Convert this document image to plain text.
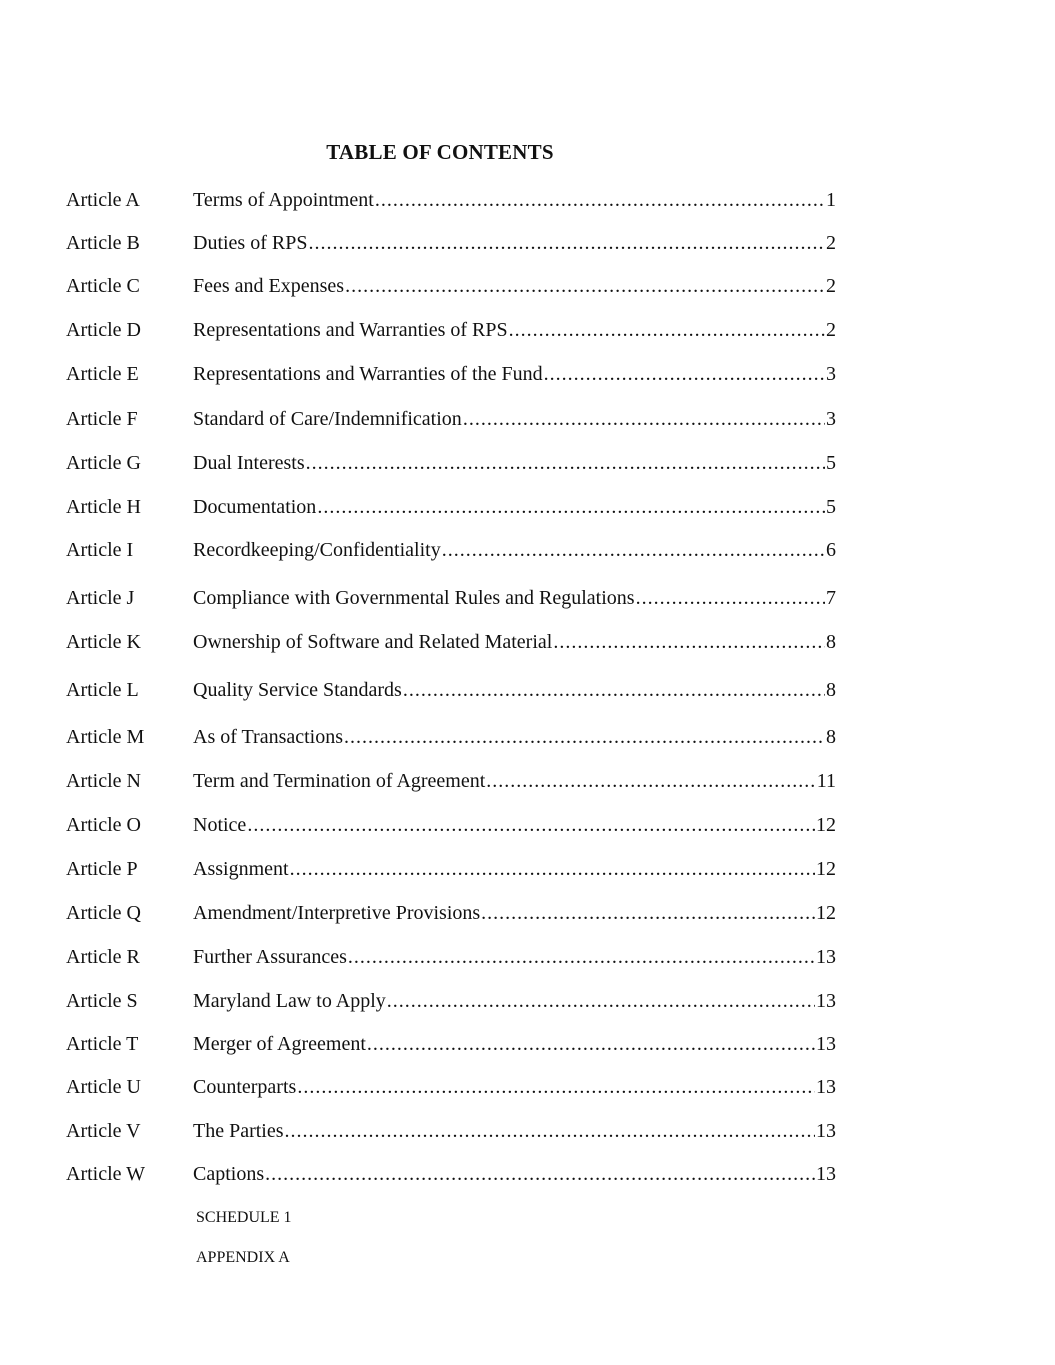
TABLE OF CONTENTS
Article A	Terms of Appointment .....	1
Article B	Duties of RPS .....	2
Article C	Fees and Expenses .....	2
Article D	Representations and Warranties of RPS .....	2
Article E	Representations and Warranties of the Fund .....	3
Article F	Standard of Care/Indemnification .....	3
Article G	Dual Interests .....	5
Article H	Documentation .....	5
Article I	Recordkeeping/Confidentiality .....	6
Article J	Compliance with Governmental Rules and Regulations .....	7
Article K	Ownership of Software and Related Material .....	8
Article L	Quality Service Standards .....	8
Article M As of Transactions .....	8
Article N	Term and Termination of Agreement .....	11
Article O	Notice .....	12
Article P	Assignment .....	12
Article Q	Amendment/Interpretive Provisions .....	12
Article R	Further Assurances .....	13
Article S	Maryland Law to Apply .....	13
Article T	Merger of Agreement .....	13
Article U	Counterparts .....	13
Article V	The Parties .....	13
Article W Captions .....	13
SCHEDULE 1
APPENDIX A
